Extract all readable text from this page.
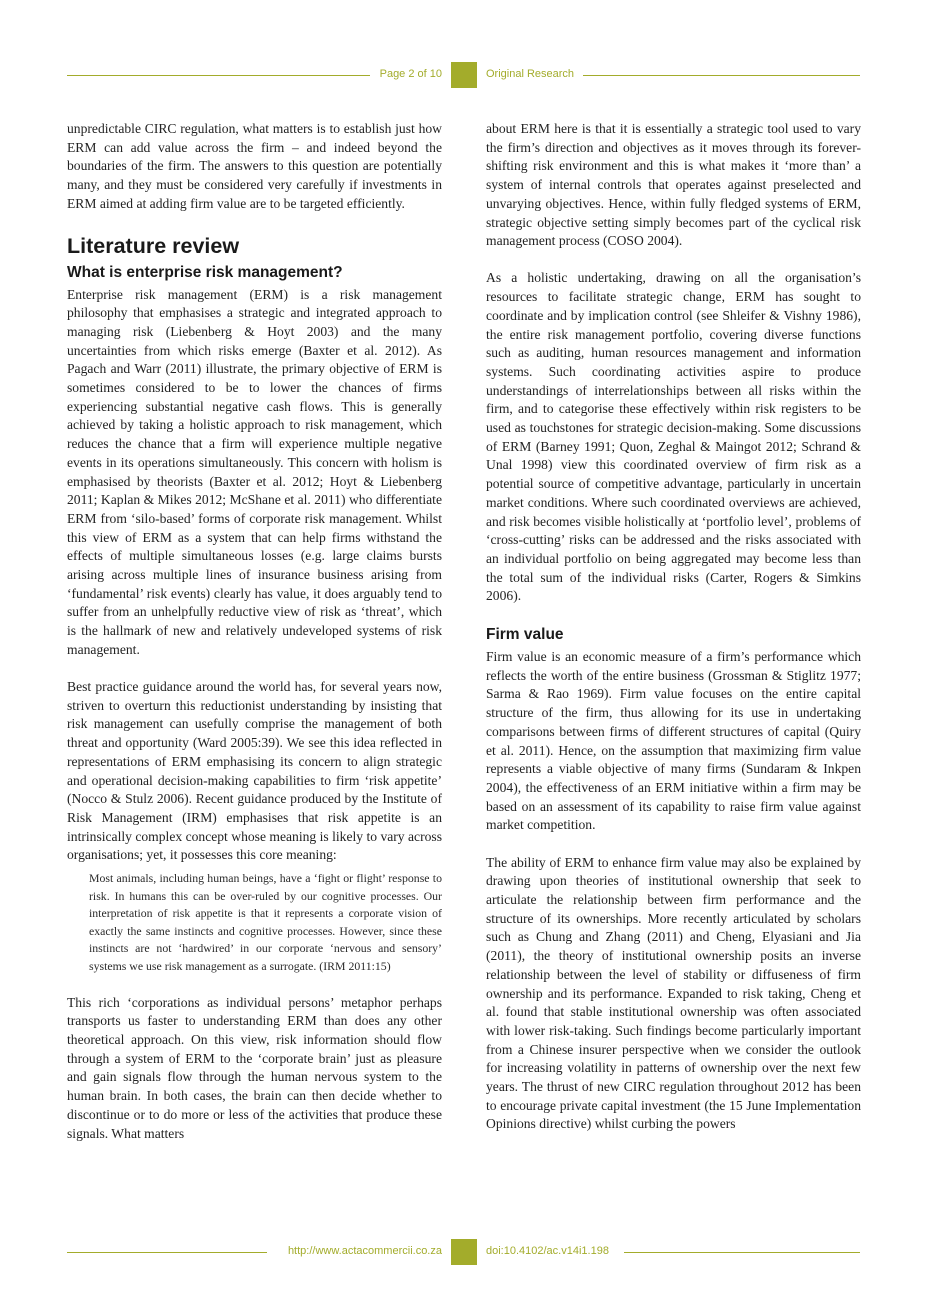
Page 2 of 10	Original Research

unpredictable CIRC regulation, what matters is to establish just how ERM can add value across the firm – and indeed beyond the boundaries of the firm. The answers to this question are potentially many, and they must be considered very carefully if investments in ERM aimed at adding firm value are to be targeted efficiently.

Literature review
What is enterprise risk management?

Enterprise risk management (ERM) is a risk management philosophy that emphasises a strategic and integrated approach to managing risk (Liebenberg & Hoyt 2003) and the many uncertainties from which risks emerge (Baxter et al. 2012). As Pagach and Warr (2011) illustrate, the primary objective of ERM is sometimes considered to be to lower the chances of firms experiencing substantial negative cash flows. This is generally achieved by taking a holistic approach to risk management, which reduces the chance that a firm will experience multiple negative events in its operations simultaneously. This concern with holism is emphasised by theorists (Baxter et al. 2012; Hoyt & Liebenberg 2011; Kaplan & Mikes 2012; McShane et al. 2011) who differentiate ERM from ‘silo-based’ forms of corporate risk management. Whilst this view of ERM as a system that can help firms withstand the effects of multiple simultaneous losses (e.g. large claims bursts arising across multiple lines of insurance business arising from ‘fundamental’ risk events) clearly has value, it does arguably tend to suffer from an unhelpfully reductive view of risk as ‘threat’, which is the hallmark of new and relatively undeveloped systems of risk management.

Best practice guidance around the world has, for several years now, striven to overturn this reductionist understanding by insisting that risk management can usefully comprise the management of both threat and opportunity (Ward 2005:39). We see this idea reflected in representations of ERM emphasising its concern to align strategic and operational decision-making capabilities to firm ‘risk appetite’ (Nocco & Stulz 2006). Recent guidance produced by the Institute of Risk Management (IRM) emphasises that risk appetite is an intrinsically complex concept whose meaning is likely to vary across organisations; yet, it possesses this core meaning:

Most animals, including human beings, have a ‘fight or flight’ response to risk. In humans this can be over-ruled by our cognitive processes. Our interpretation of risk appetite is that it represents a corporate vision of exactly the same instincts and cognitive processes. However, since these instincts are not ‘hardwired’ in our corporate ‘nervous and sensory’ systems we use risk management as a surrogate. (IRM 2011:15)

This rich ‘corporations as individual persons’ metaphor perhaps transports us faster to understanding ERM than does any other theoretical approach. On this view, risk information should flow through a system of ERM to the ‘corporate brain’ just as pleasure and gain signals flow through the human nervous system to the human brain. In both cases, the brain can then decide whether to discontinue or to do more or less of the activities that produce these signals. What matters

about ERM here is that it is essentially a strategic tool used to vary the firm’s direction and objectives as it moves through its forever-shifting risk environment and this is what makes it ‘more than’ a system of internal controls that operates against preselected and unvarying objectives. Hence, within fully fledged systems of ERM, strategic objective setting simply becomes part of the cyclical risk management process (COSO 2004).

As a holistic undertaking, drawing on all the organisation’s resources to facilitate strategic change, ERM has sought to coordinate and by implication control (see Shleifer & Vishny 1986), the entire risk management portfolio, covering diverse functions such as auditing, human resources management and information systems. Such coordinating activities aspire to produce understandings of interrelationships between all risks within the firm, and to categorise these effectively within risk registers to be used as touchstones for strategic decision-making. Some discussions of ERM (Barney 1991; Quon, Zeghal & Maingot 2012; Schrand & Unal 1998) view this coordinated overview of firm risk as a potential source of competitive advantage, particularly in uncertain market conditions. Where such coordinated overviews are achieved, and risk becomes visible holistically at ‘portfolio level’, problems of ‘cross-cutting’ risks can be addressed and the risks associated with an individual portfolio on being aggregated may become less than the total sum of the individual risks (Carter, Rogers & Simkins 2006).

Firm value

Firm value is an economic measure of a firm’s performance which reflects the worth of the entire business (Grossman & Stiglitz 1977; Sarma & Rao 1969). Firm value focuses on the entire capital structure of the firm, thus allowing for its use in undertaking comparisons between firms of different structures of capital (Quiry et al. 2011). Hence, on the assumption that maximizing firm value represents a viable objective of many firms (Sundaram & Inkpen 2004), the effectiveness of an ERM initiative within a firm may be based on an assessment of its capability to raise firm value against market competition.

The ability of ERM to enhance firm value may also be explained by drawing upon theories of institutional ownership that seek to articulate the relationship between firm performance and the structure of its ownerships. More recently articulated by scholars such as Chung and Zhang (2011) and Cheng, Elyasiani and Jia (2011), the theory of institutional ownership posits an inverse relationship between the level of stability or diffuseness of firm ownership and its performance. Expanded to risk taking, Cheng et al. found that stable institutional ownership was often associated with lower risk-taking. Such findings become particularly important from a Chinese insurer perspective when we consider the outlook for increasing volatility in patterns of ownership over the next few years. The thrust of new CIRC regulation throughout 2012 has been to encourage private capital investment (the 15 June Implementation Opinions directive) whilst curbing the powers

http://www.actacommercii.co.za	doi:10.4102/ac.v14i1.198
